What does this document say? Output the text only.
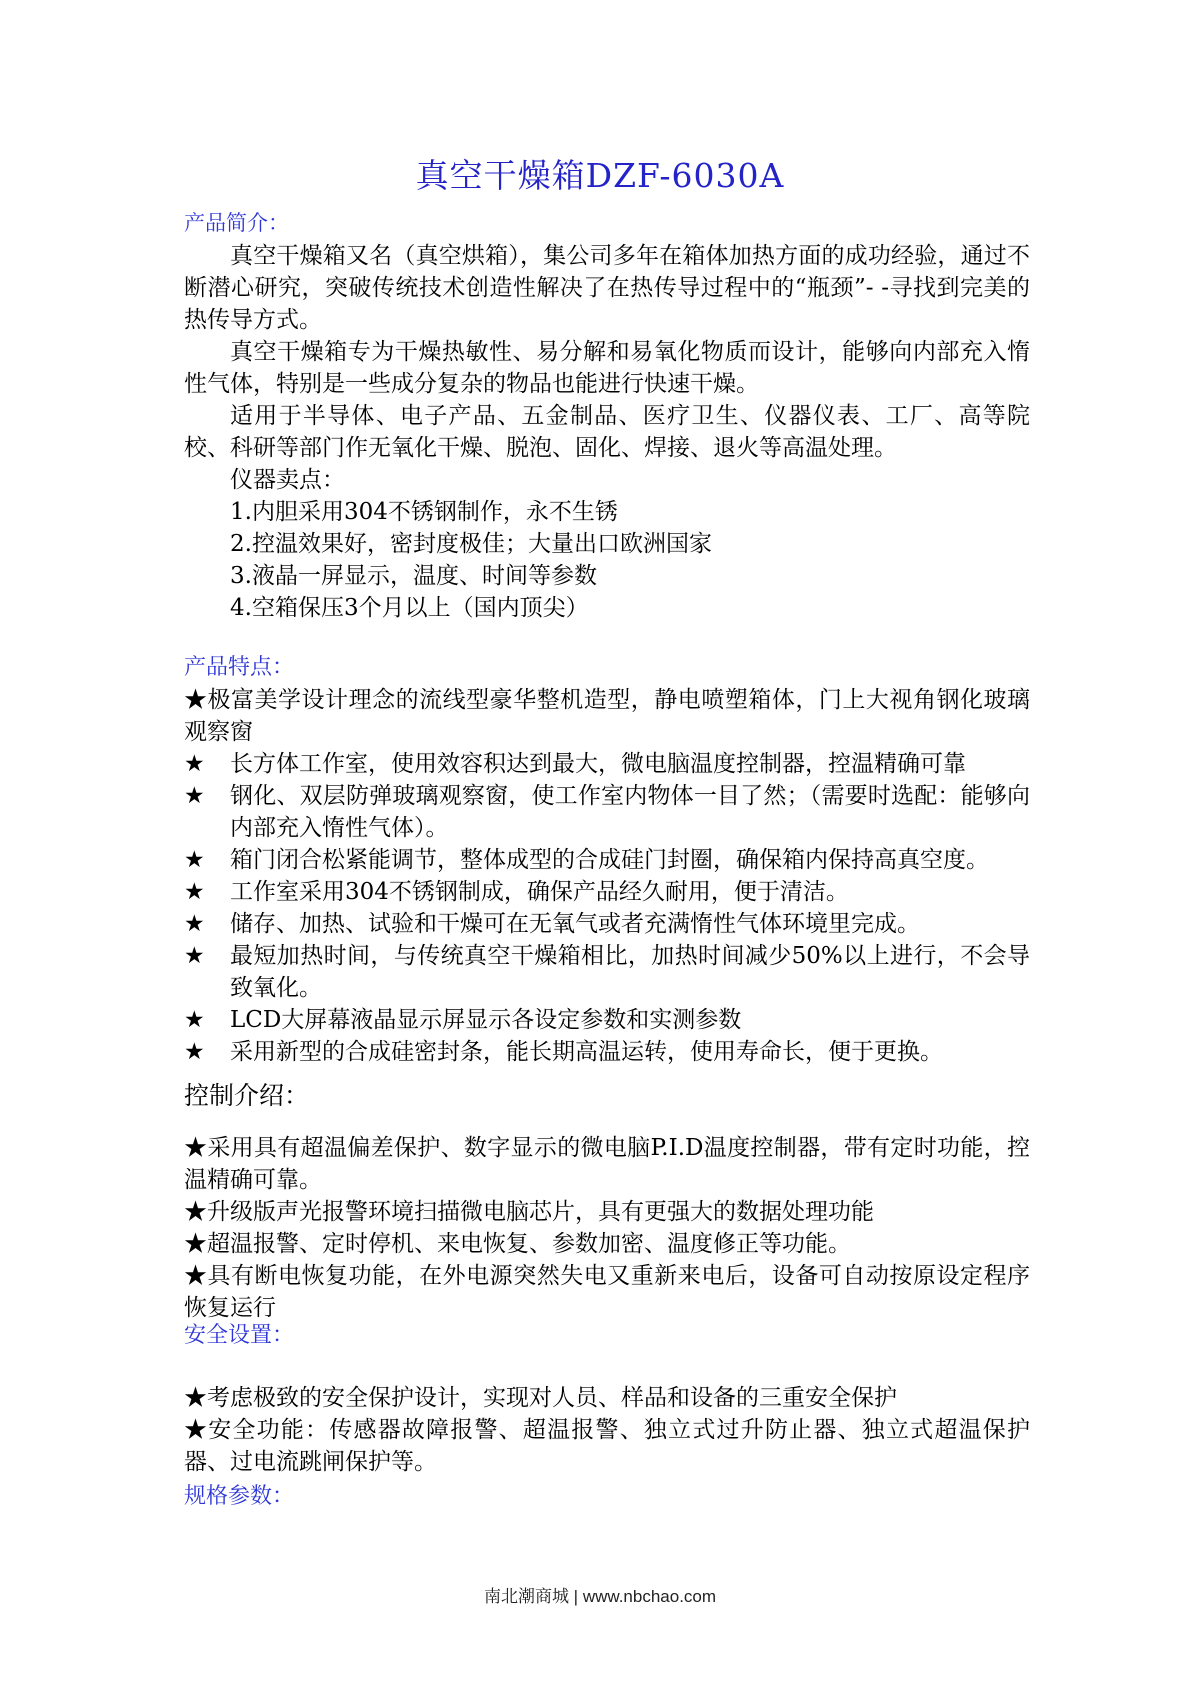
真空干燥箱DZF-6030A

产品简介：

真空干燥箱又名（真空烘箱），集公司多年在箱体加热方面的成功经验，通过不断潜心研究，突破传统技术创造性解决了在热传导过程中的“瓶颈”- -寻找到完美的热传导方式。

真空干燥箱专为干燥热敏性、易分解和易氧化物质而设计，能够向内部充入惰性气体，特别是一些成分复杂的物品也能进行快速干燥。

适用于半导体、电子产品、五金制品、医疗卫生、仪器仪表、工厂、高等院校、科研等部门作无氧化干燥、脱泡、固化、焊接、退火等高温处理。

仪器卖点：

1.内胆采用304不锈钢制作，永不生锈

2.控温效果好，密封度极佳；大量出口欧洲国家

3.液晶一屏显示，温度、时间等参数

4.空箱保压3个月以上（国内顶尖）

产品特点：

★极富美学设计理念的流线型豪华整机造型，静电喷塑箱体，门上大视角钢化玻璃观察窗

★	长方体工作室，使用效容积达到最大，微电脑温度控制器，控温精确可靠
★	钢化、双层防弹玻璃观察窗，使工作室内物体一目了然；（需要时选配：能够向内部充入惰性气体）。
★	箱门闭合松紧能调节，整体成型的合成硅门封圈，确保箱内保持高真空度。
★	工作室采用304不锈钢制成，确保产品经久耐用，便于清洁。
★	储存、加热、试验和干燥可在无氧气或者充满惰性气体环境里完成。
★	最短加热时间，与传统真空干燥箱相比，加热时间减少50%以上进行，不会导致氧化。
★	LCD大屏幕液晶显示屏显示各设定参数和实测参数
★	采用新型的合成硅密封条，能长期高温运转，使用寿命长，便于更换。

控制介绍：

★采用具有超温偏差保护、数字显示的微电脑P.I.D温度控制器，带有定时功能，控温精确可靠。

★升级版声光报警环境扫描微电脑芯片，具有更强大的数据处理功能

★超温报警、定时停机、来电恢复、参数加密、温度修正等功能。

★具有断电恢复功能，在外电源突然失电又重新来电后，设备可自动按原设定程序恢复运行

安全设置：

★考虑极致的安全保护设计，实现对人员、样品和设备的三重安全保护

★安全功能：传感器故障报警、超温报警、独立式过升防止器、独立式超温保护器、过电流跳闸保护等。

规格参数：

南北潮商城 | www.nbchao.com
